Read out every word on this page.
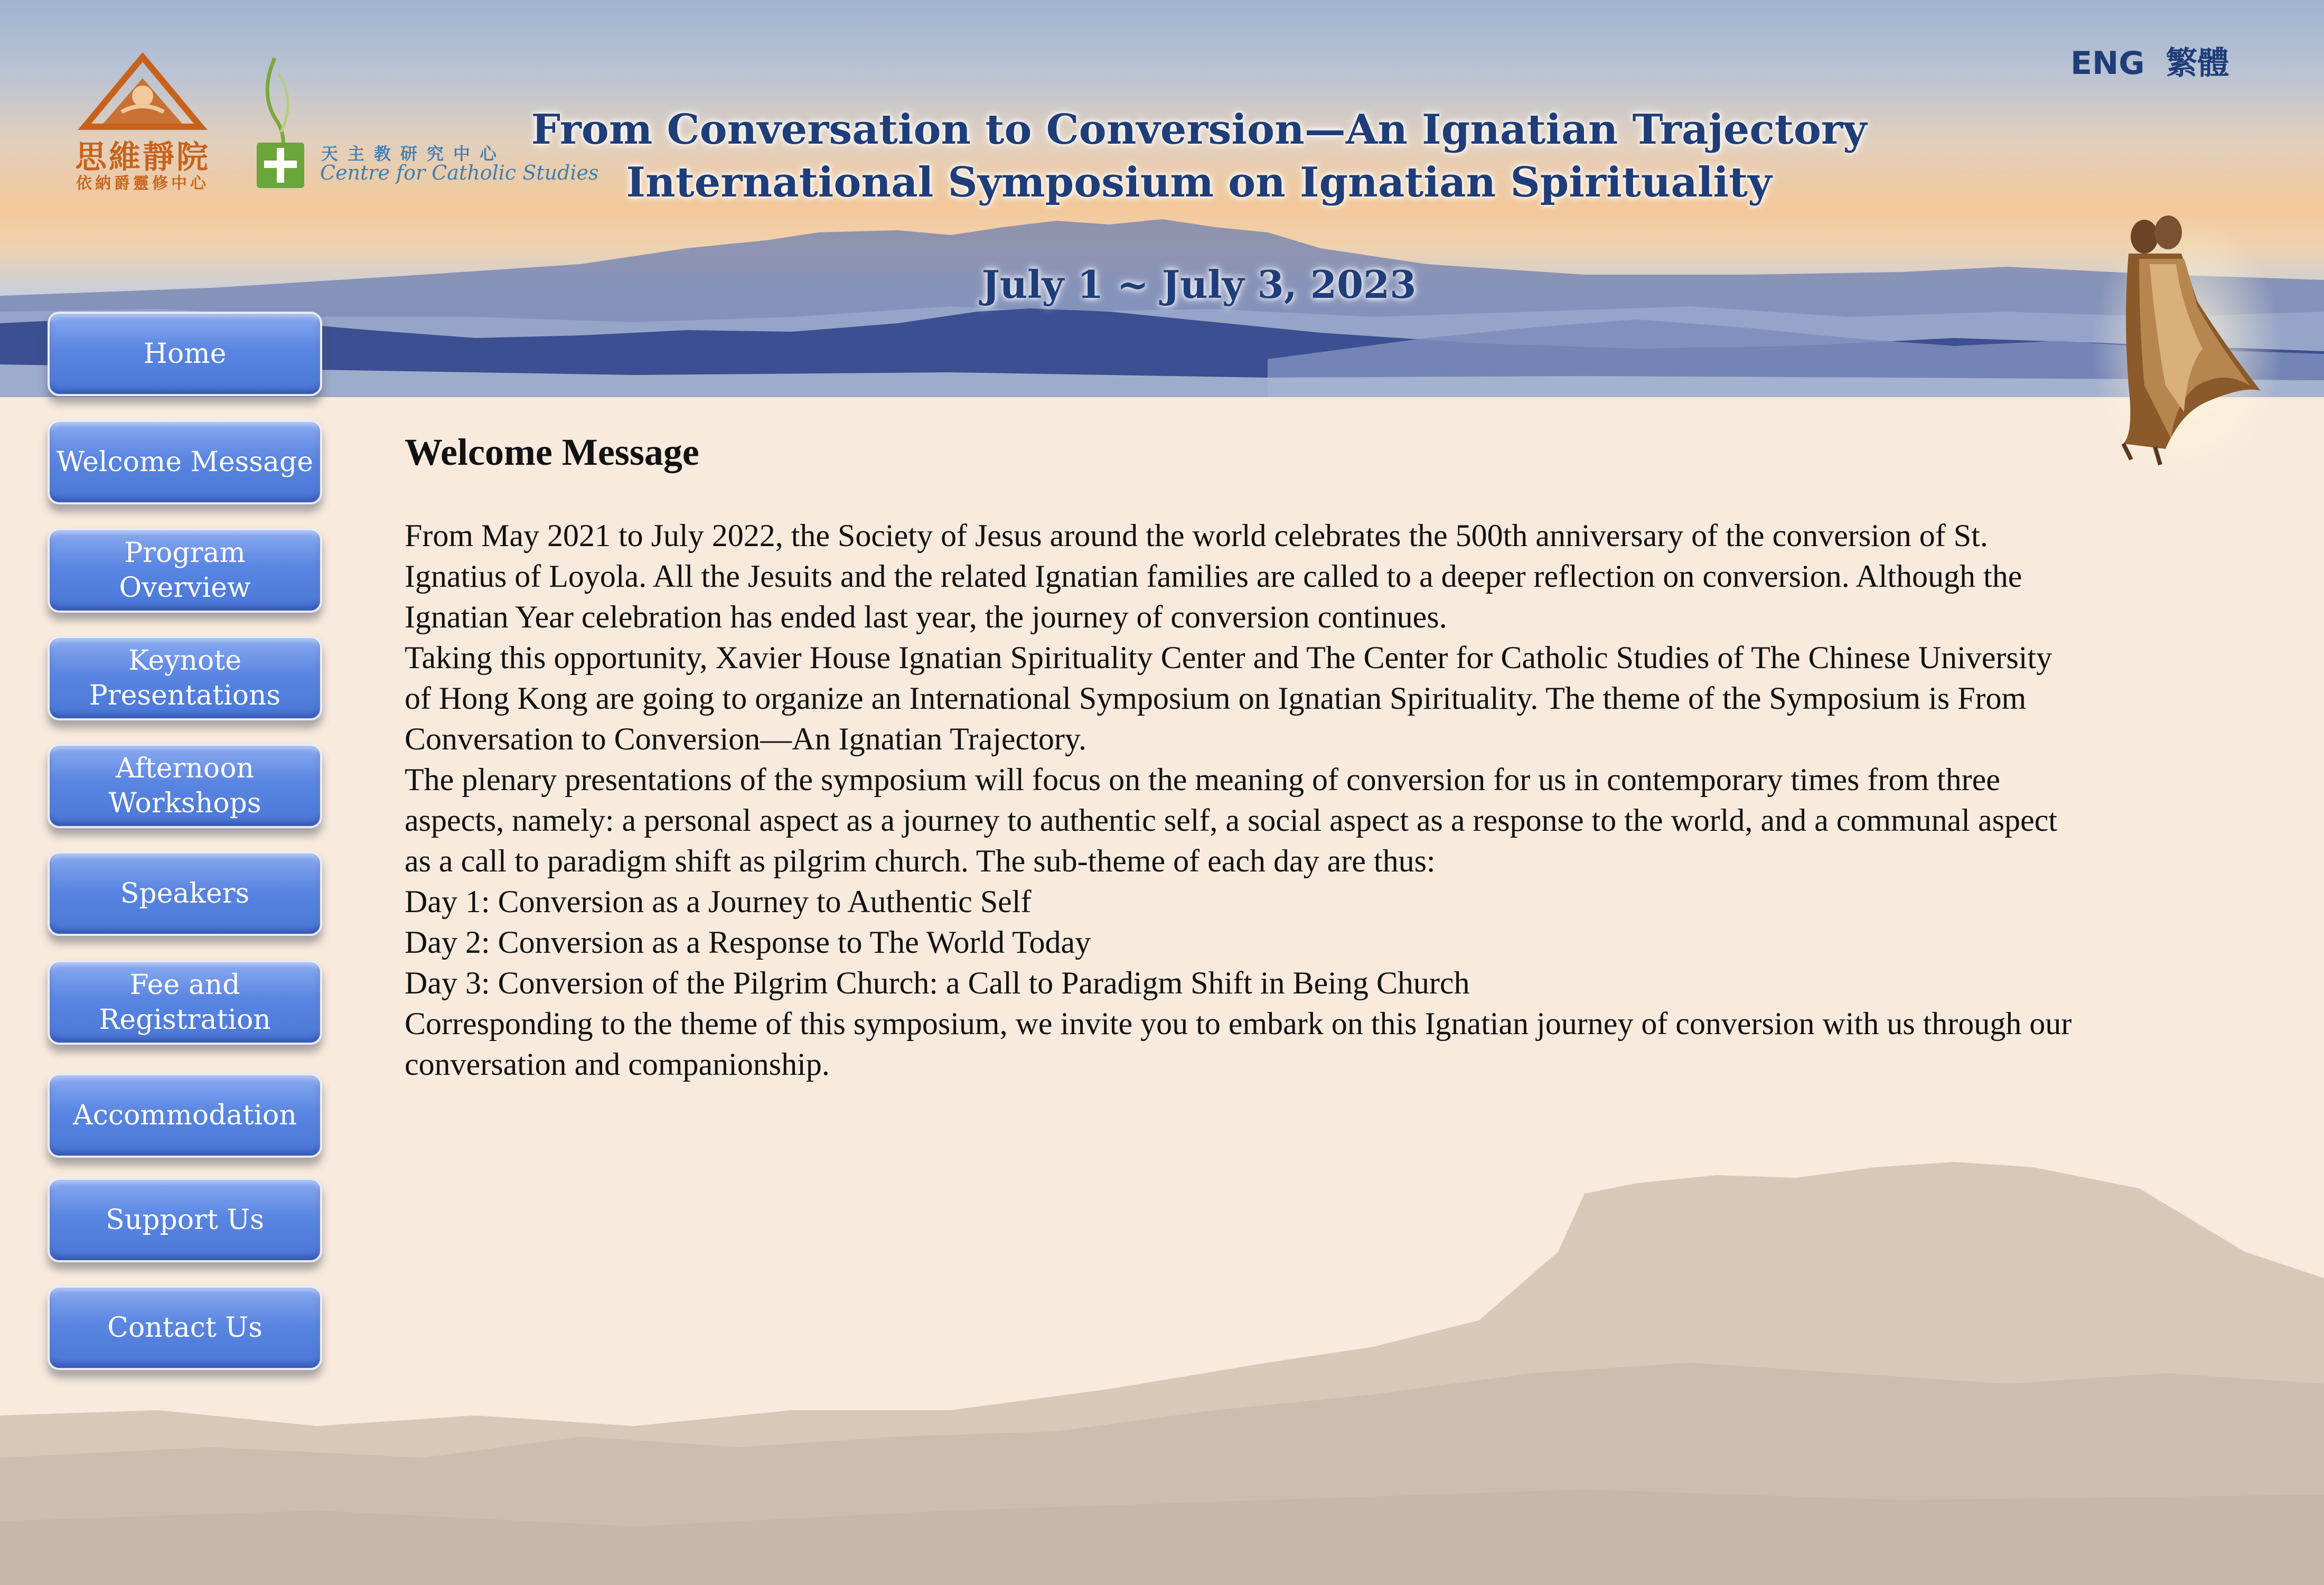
思維靜院
依納爵靈修中心
天主教研究中心
Centre for Catholic Studies
From Conversation to Conversion—An Ignatian Trajectory
International Symposium on Ignatian Spirituality
July 1 ~ July 3, 2023
ENG 繁體
Home
Welcome Message
Program
Overview
Keynote
Presentations
Afternoon
Workshops
Speakers
Fee and
Registration
Accommodation
Support Us
Contact Us
Welcome Message

From May 2021 to July 2022, the Society of Jesus around the world celebrates the 500th anniversary of the conversion of St. Ignatius of Loyola. All the Jesuits and the related Ignatian families are called to a deeper reflection on conversion. Although the Ignatian Year celebration has ended last year, the journey of conversion continues.

Taking this opportunity, Xavier House Ignatian Spirituality Center and The Center for Catholic Studies of The Chinese University of Hong Kong are going to organize an International Symposium on Ignatian Spirituality. The theme of the Symposium is From Conversation to Conversion—An Ignatian Trajectory.

The plenary presentations of the symposium will focus on the meaning of conversion for us in contemporary times from three aspects, namely: a personal aspect as a journey to authentic self, a social aspect as a response to the world, and a communal aspect as a call to paradigm shift as pilgrim church. The sub-theme of each day are thus:

Day 1: Conversion as a Journey to Authentic Self

Day 2: Conversion as a Response to The World Today

Day 3: Conversion of the Pilgrim Church: a Call to Paradigm Shift in Being Church

Corresponding to the theme of this symposium, we invite you to embark on this Ignatian journey of conversion with us through our conversation and companionship.
